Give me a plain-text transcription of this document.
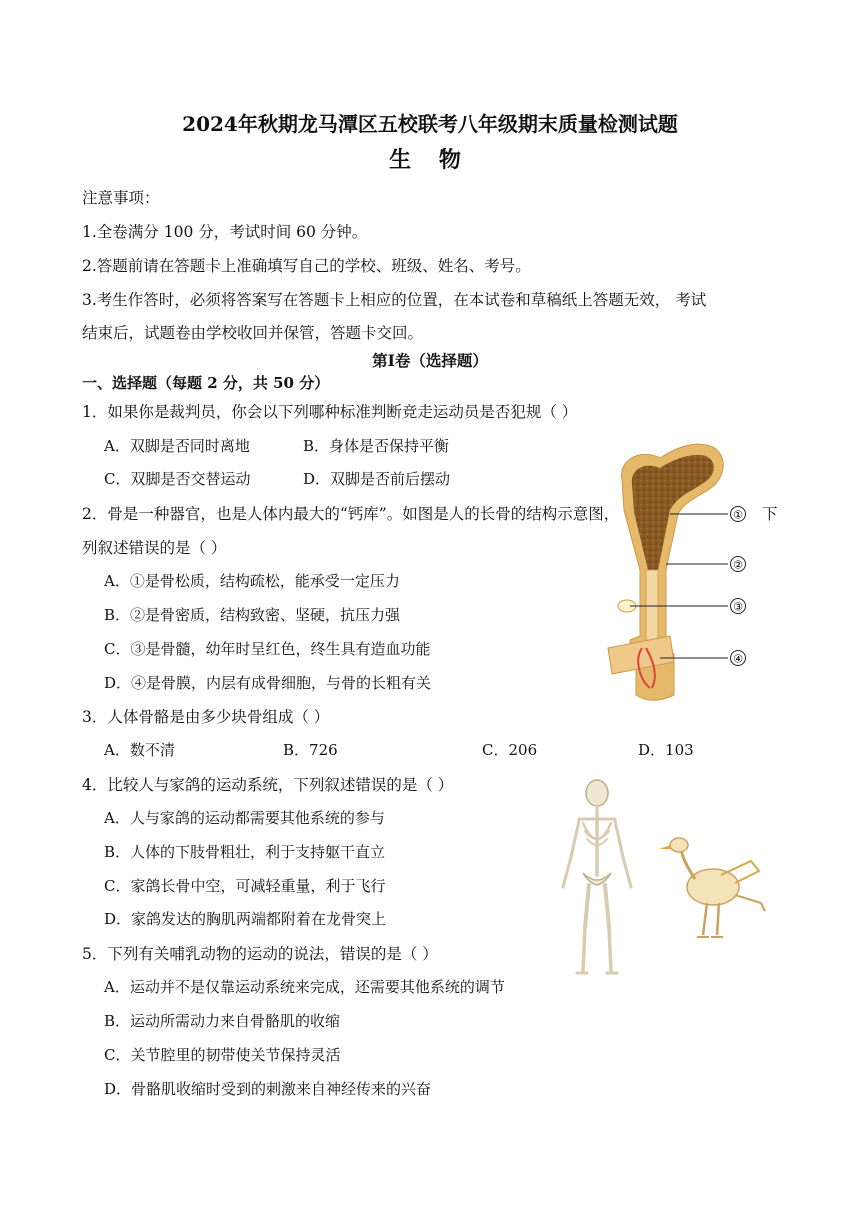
2024年秋期龙马潭区五校联考八年级期末质量检测试题
生 物
注意事项：
1.全卷满分 100 分，考试时间 60 分钟。
2.答题前请在答题卡上准确填写自己的学校、班级、姓名、考号。
3.考生作答时，必须将答案写在答题卡上相应的位置，在本试卷和草稿纸上答题无效， 考试
结束后，试题卷由学校收回并保管，答题卡交回。
第Ⅰ卷（选择题）
一、选择题（每题 2 分，共 50 分）
1．如果你是裁判员，你会以下列哪种标准判断竞走运动员是否犯规（ ）
A．双脚是否同时离地	B．身体是否保持平衡
C．双脚是否交替运动	D．双脚是否前后摆动
2．骨是一种器官，也是人体内最大的“钙库”。如图是人的长骨的结构示意图，	下
列叙述错误的是（ ）
A．①是骨松质，结构疏松，能承受一定压力
B．②是骨密质，结构致密、坚硬，抗压力强
C．③是骨髓，幼年时呈红色，终生具有造血功能
D．④是骨膜，内层有成骨细胞，与骨的长粗有关
①
②
③
④
3．人体骨骼是由多少块骨组成（ ）
A．数不清	B．726	C．206	D．103
4．比较人与家鸽的运动系统，下列叙述错误的是（ ）
A．人与家鸽的运动都需要其他系统的参与
B．人体的下肢骨粗壮，利于支持躯干直立
C．家鸽长骨中空，可减轻重量，利于飞行
D．家鸽发达的胸肌两端都附着在龙骨突上
5．下列有关哺乳动物的运动的说法，错误的是（ ）
A．运动并不是仅靠运动系统来完成，还需要其他系统的调节
B．运动所需动力来自骨骼肌的收缩
C．关节腔里的韧带使关节保持灵活
D．骨骼肌收缩时受到的刺激来自神经传来的兴奋
